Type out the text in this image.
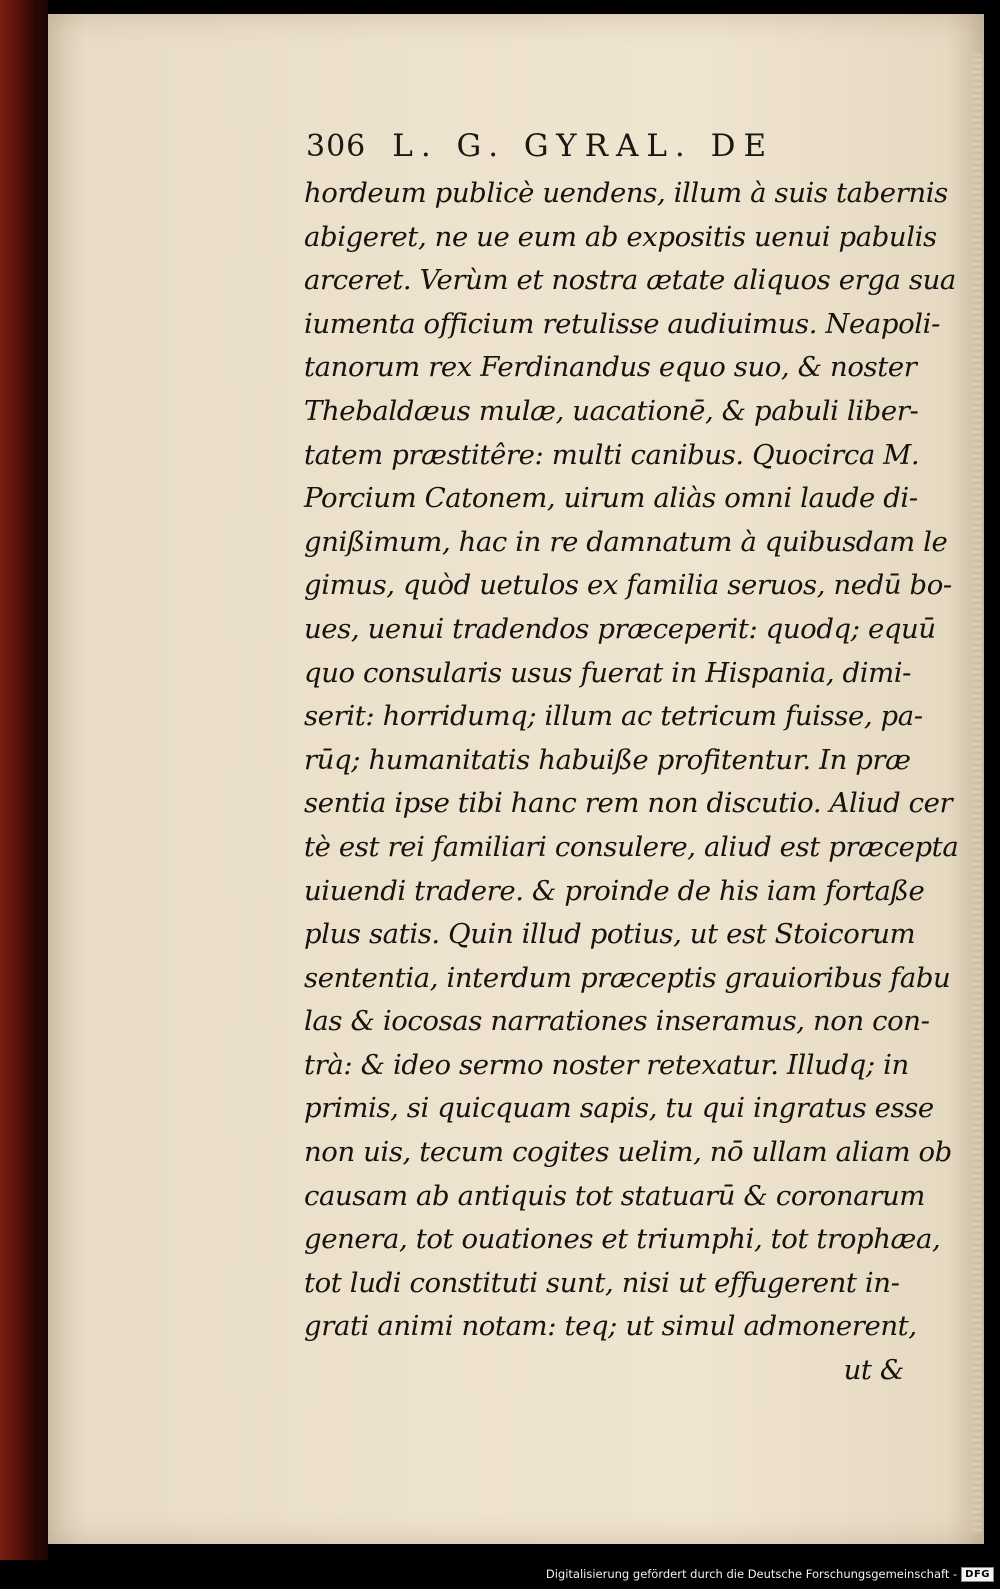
306 L. G. GYRAL. DE
hordeum publicè uendens, illum à suis tabernis
abigeret, ne ue eum ab expositis uenui pabulis
arceret. Verùm et nostra ætate aliquos erga sua
iumenta officium retulisse audiuimus. Neapoli-
tanorum rex Ferdinandus equo suo, & noster
Thebaldæus mulæ, uacationē, & pabuli liber-
tatem præstitêre: multi canibus. Quocirca M.
Porcium Catonem, uirum aliàs omni laude di-
gnißimum, hac in re damnatum à quibusdam le
gimus, quòd uetulos ex familia seruos, nedū bo-
ues, uenui tradendos præceperit: quodq; equū
quo consularis usus fuerat in Hispania, dimi-
serit: horridumq; illum ac tetricum fuisse, pa-
rūq; humanitatis habuiße profitentur. In præ
sentia ipse tibi hanc rem non discutio. Aliud cer
tè est rei familiari consulere, aliud est præcepta
uiuendi tradere. & proinde de his iam fortaße
plus satis. Quin illud potius, ut est Stoicorum
sententia, interdum præceptis grauioribus fabu
las & iocosas narrationes inseramus, non con-
trà: & ideo sermo noster retexatur. Illudq; in
primis, si quicquam sapis, tu qui ingratus esse
non uis, tecum cogites uelim, nō ullam aliam ob
causam ab antiquis tot statuarū & coronarum
genera, tot ouationes et triumphi, tot trophæa,
tot ludi constituti sunt, nisi ut effugerent in-
grati animi notam: teq; ut simul admonerent,
ut &
Digitalisierung gefördert durch die Deutsche Forschungsgemeinschaft - DFG
